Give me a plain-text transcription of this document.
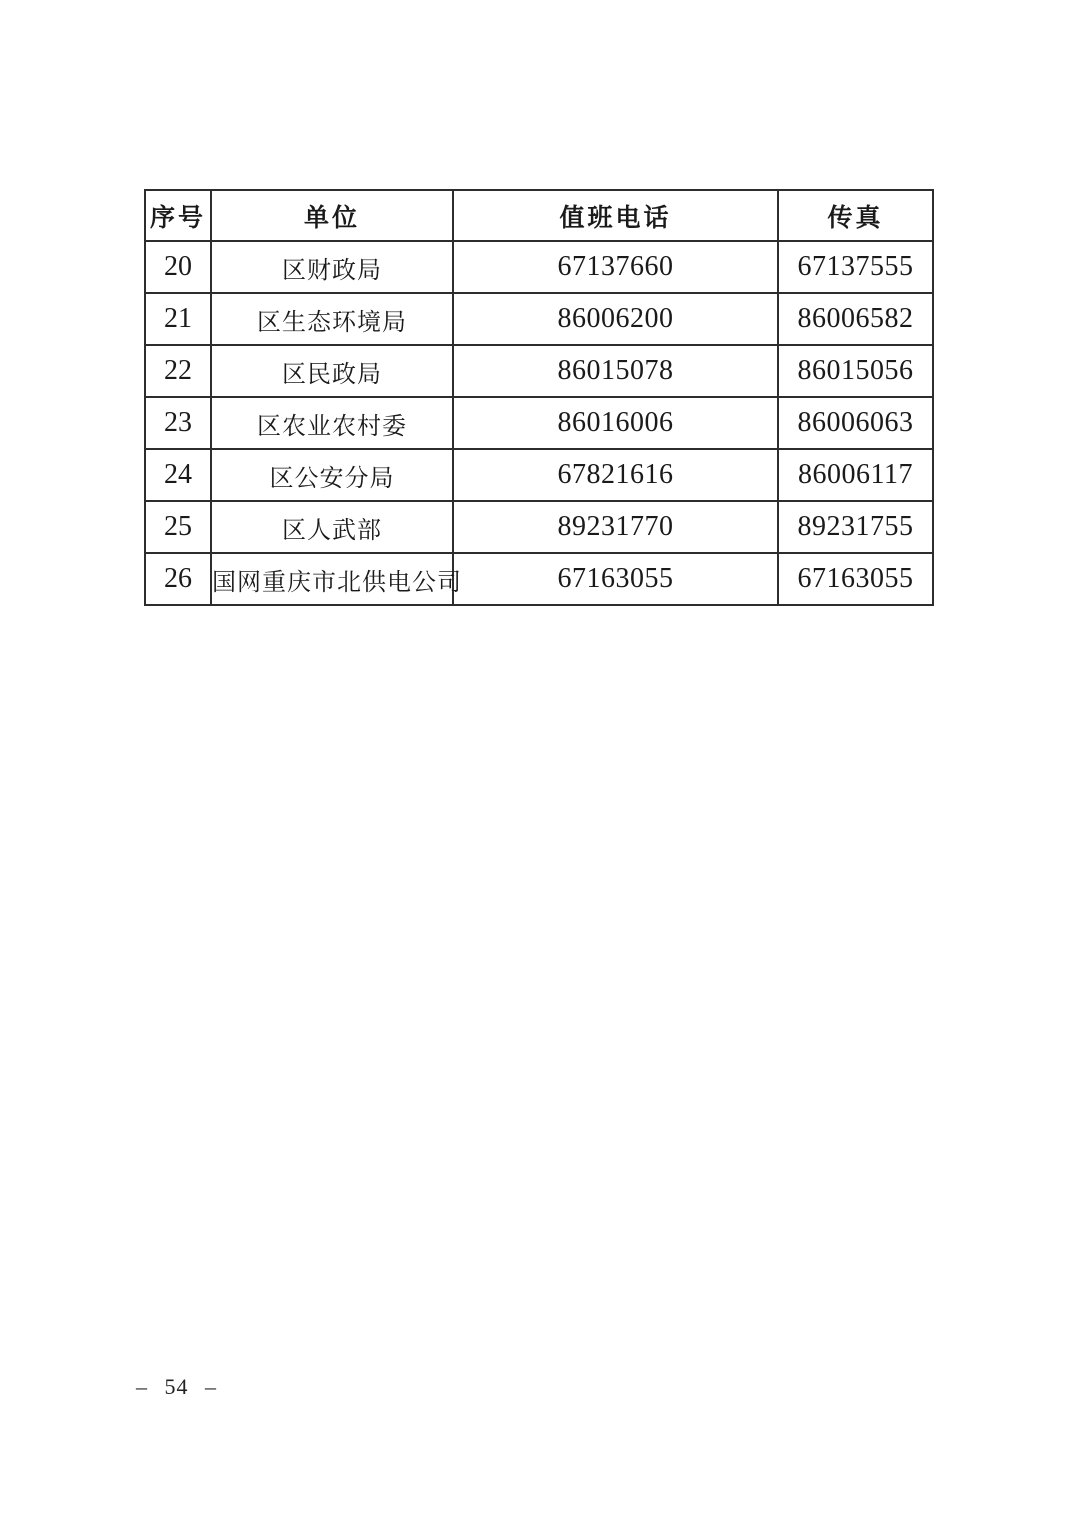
序号	单位	值班电话	传真
20	区财政局	67137660	67137555
21	区生态环境局	86006200	86006582
22	区民政局	86015078	86015056
23	区农业农村委	86016006	86006063
24	区公安分局	67821616	86006117
25	区人武部	89231770	89231755
26	国网重庆市北供电公司	67163055	67163055
– 54 –
